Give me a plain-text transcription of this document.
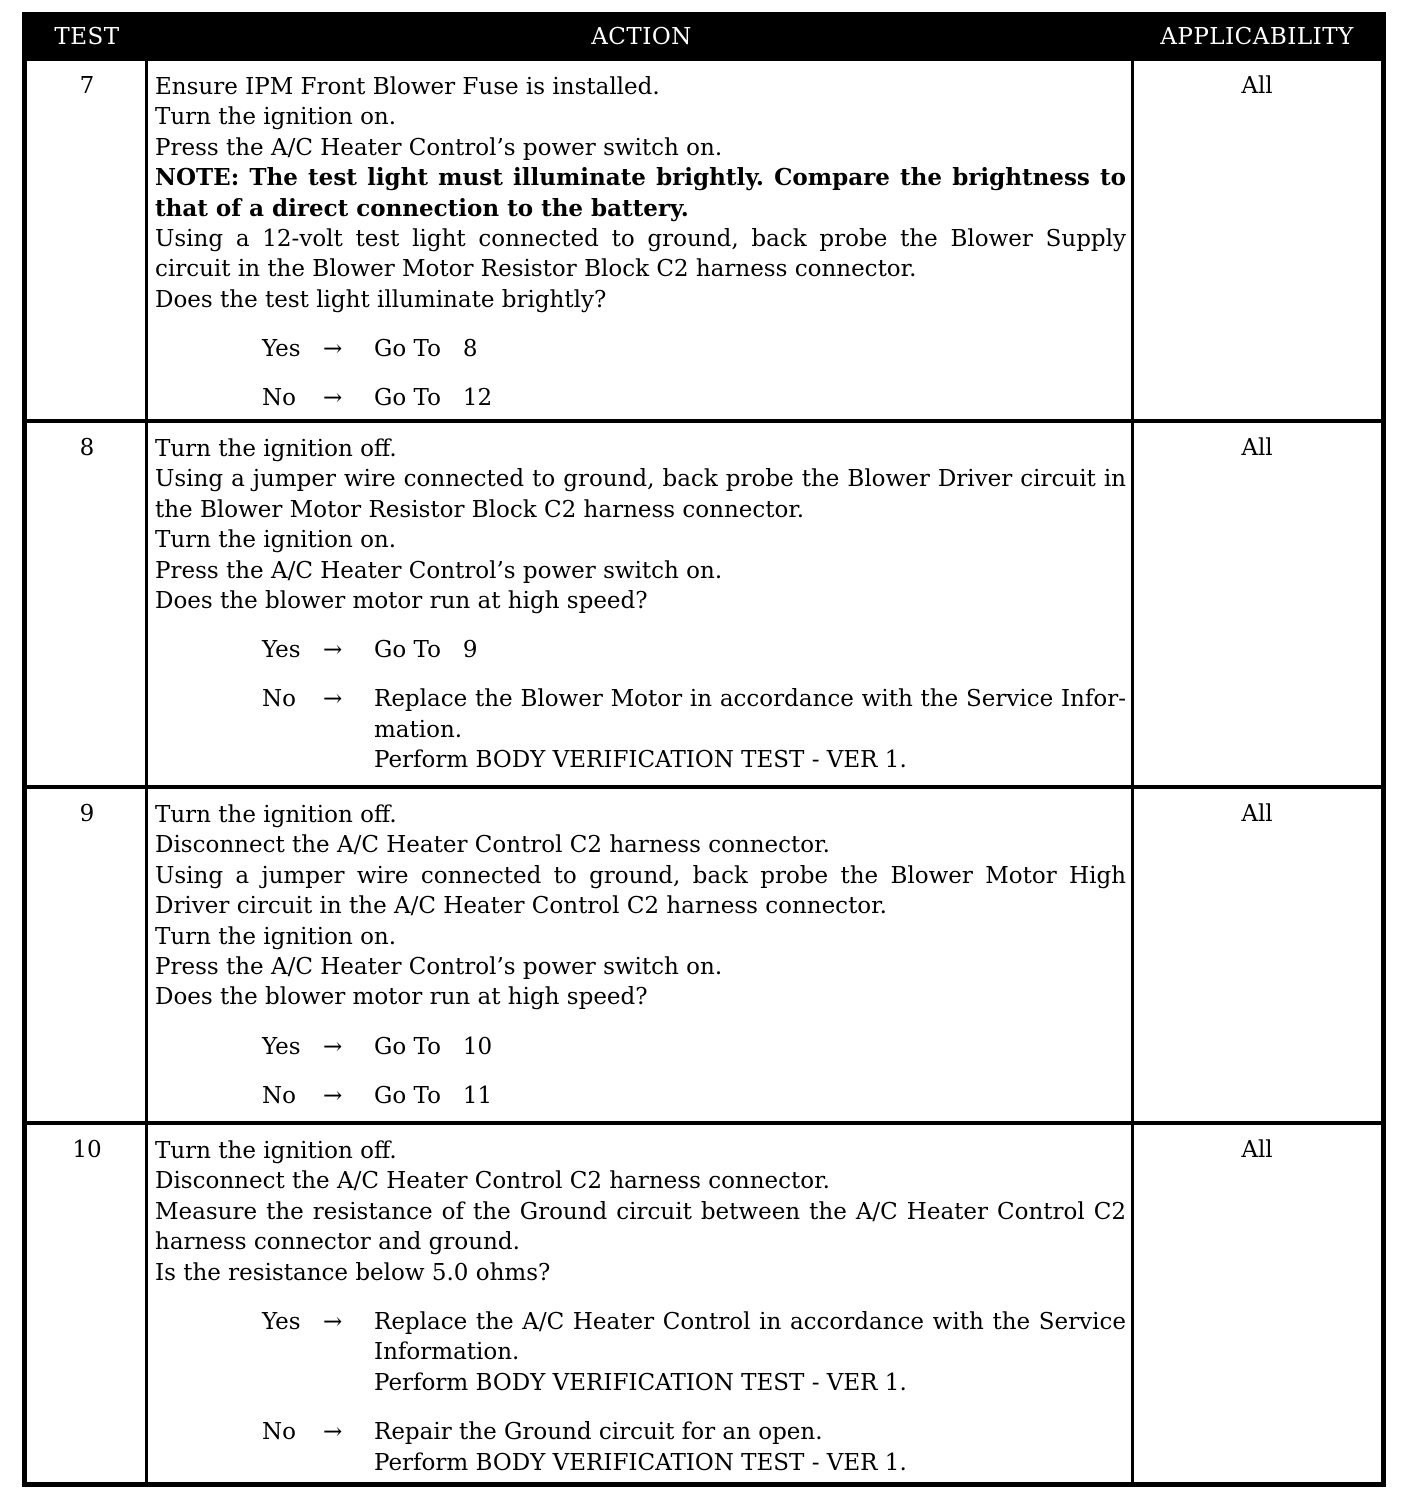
TEST	ACTION	APPLICABILITY
7	Ensure IPM Front Blower Fuse is installed.

Turn the ignition on.

Press the A/C Heater Control’s power switch on.

NOTE: The test light must illuminate brightly. Compare the brightness to that of a direct connection to the battery.

Using a 12-volt test light connected to ground, back probe the Blower Supply circuit in the Blower Motor Resistor Block C2 harness connector.

Does the test light illuminate brightly?

Yes → Go To   8
No → Go To   12
All
8	Turn the ignition off.

Using a jumper wire connected to ground, back probe the Blower Driver circuit in the Blower Motor Resistor Block C2 harness connector.

Turn the ignition on.

Press the A/C Heater Control’s power switch on.

Does the blower motor run at high speed?

Yes → Go To   9
No → Replace the Blower Motor in accordance with the Service Infor-mation.

Perform BODY VERIFICATION TEST - VER 1.

All
9	Turn the ignition off.

Disconnect the A/C Heater Control C2 harness connector.

Using a jumper wire connected to ground, back probe the Blower Motor High Driver circuit in the A/C Heater Control C2 harness connector.

Turn the ignition on.

Press the A/C Heater Control’s power switch on.

Does the blower motor run at high speed?

Yes → Go To   10
No → Go To   11
All
10	Turn the ignition off.

Disconnect the A/C Heater Control C2 harness connector.

Measure the resistance of the Ground circuit between the A/C Heater Control C2 harness connector and ground.

Is the resistance below 5.0 ohms?

Yes → Replace the A/C Heater Control in accordance with the Service Information.

Perform BODY VERIFICATION TEST - VER 1.

No → Repair the Ground circuit for an open.

Perform BODY VERIFICATION TEST - VER 1.

All
